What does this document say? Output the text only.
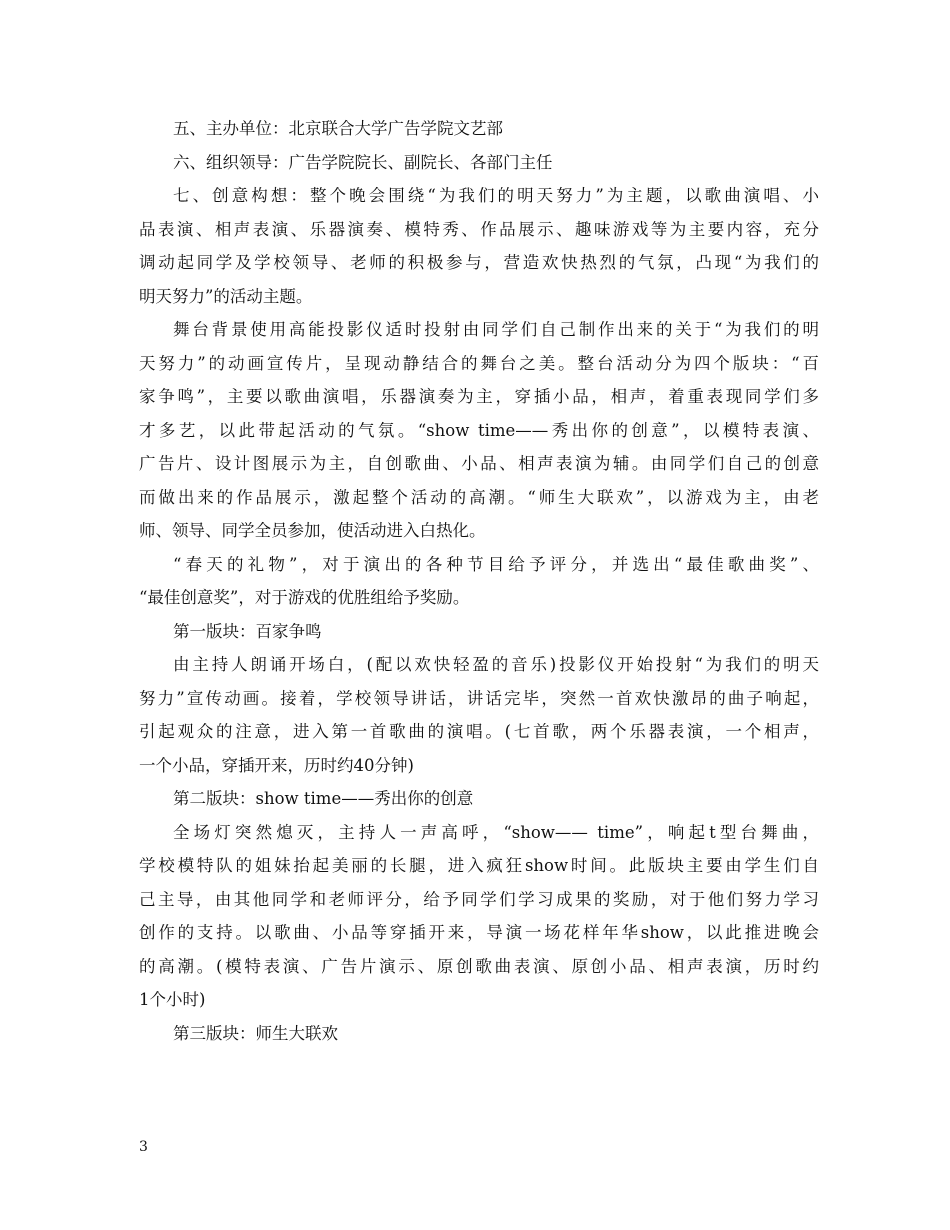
五、主办单位：北京联合大学广告学院文艺部
六、组织领导：广告学院院长、副院长、各部门主任
七、创意构想：整个晚会围绕“为我们的明天努力”为主题，以歌曲演唱、小
品表演、相声表演、乐器演奏、模特秀、作品展示、趣味游戏等为主要内容，充分
调动起同学及学校领导、老师的积极参与，营造欢快热烈的气氛，凸现“为我们的
明天努力”的活动主题。
舞台背景使用高能投影仪适时投射由同学们自己制作出来的关于“为我们的明
天努力”的动画宣传片，呈现动静结合的舞台之美。整台活动分为四个版块：“百
家争鸣”，主要以歌曲演唱，乐器演奏为主，穿插小品，相声，着重表现同学们多
才多艺，以此带起活动的气氛。“show time——秀出你的创意”，以模特表演、
广告片、设计图展示为主，自创歌曲、小品、相声表演为辅。由同学们自己的创意
而做出来的作品展示，激起整个活动的高潮。“师生大联欢”，以游戏为主，由老
师、领导、同学全员参加，使活动进入白热化。
“春天的礼物”，对于演出的各种节目给予评分，并选出“最佳歌曲奖”、
“最佳创意奖”，对于游戏的优胜组给予奖励。
第一版块：百家争鸣
由主持人朗诵开场白，(配以欢快轻盈的音乐)投影仪开始投射“为我们的明天
努力”宣传动画。接着，学校领导讲话，讲话完毕，突然一首欢快激昂的曲子响起，
引起观众的注意，进入第一首歌曲的演唱。(七首歌，两个乐器表演，一个相声，
一个小品，穿插开来，历时约40分钟)
第二版块：show time——秀出你的创意
全场灯突然熄灭，主持人一声高呼，“show—— time”，响起t型台舞曲，
学校模特队的姐妹抬起美丽的长腿，进入疯狂show时间。此版块主要由学生们自
己主导，由其他同学和老师评分，给予同学们学习成果的奖励，对于他们努力学习
创作的支持。以歌曲、小品等穿插开来，导演一场花样年华show，以此推进晚会
的高潮。(模特表演、广告片演示、原创歌曲表演、原创小品、相声表演，历时约
1个小时)
第三版块：师生大联欢
3
